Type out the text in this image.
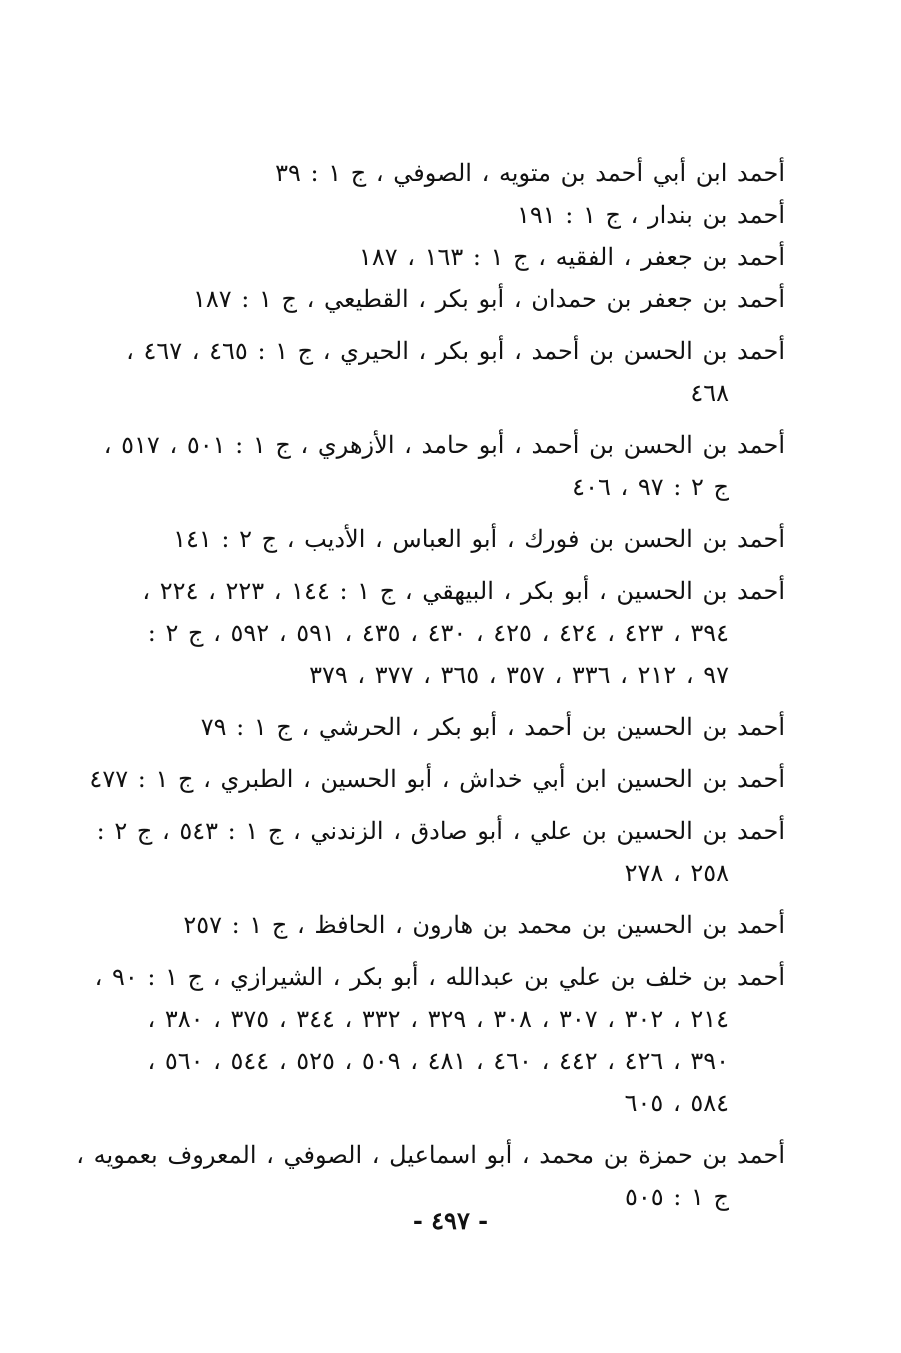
أحمد ابن أبي أحمد بن متويه ، الصوفي ، ج ١ : ٣٩
أحمد بن بندار ، ج ١ : ١٩١
أحمد بن جعفر ، الفقيه ، ج ١ : ١٦٣ ، ١٨٧
أحمد بن جعفر بن حمدان ، أبو بكر ، القطيعي ، ج ١ : ١٨٧
أحمد بن الحسن بن أحمد ، أبو بكر ، الحيري ، ج ١ : ٤٦٥ ، ٤٦٧ ،
٤٦٨
أحمد بن الحسن بن أحمد ، أبو حامد ، الأزهري ، ج ١ : ٥٠١ ، ٥١٧ ،
ج ٢ : ٩٧ ، ٤٠٦
أحمد بن الحسن بن فورك ، أبو العباس ، الأديب ، ج ٢ : ١٤١
أحمد بن الحسين ، أبو بكر ، البيهقي ، ج ١ : ١٤٤ ، ٢٢٣ ، ٢٢٤ ،
٣٩٤ ، ٤٢٣ ، ٤٢٤ ، ٤٢٥ ، ٤٣٠ ، ٤٣٥ ، ٥٩١ ، ٥٩٢ ، ج ٢ :
٩٧ ، ٢١٢ ، ٣٣٦ ، ٣٥٧ ، ٣٦٥ ، ٣٧٧ ، ٣٧٩
أحمد بن الحسين بن أحمد ، أبو بكر ، الحرشي ، ج ١ : ٧٩
أحمد بن الحسين ابن أبي خداش ، أبو الحسين ، الطبري ، ج ١ : ٤٧٧
أحمد بن الحسين بن علي ، أبو صادق ، الزندني ، ج ١ : ٥٤٣ ، ج ٢ :
٢٥٨ ، ٢٧٨
أحمد بن الحسين بن محمد بن هارون ، الحافظ ، ج ١ : ٢٥٧
أحمد بن خلف بن علي بن عبدالله ، أبو بكر ، الشيرازي ، ج ١ : ٩٠ ،
٢١٤ ، ٣٠٢ ، ٣٠٧ ، ٣٠٨ ، ٣٢٩ ، ٣٣٢ ، ٣٤٤ ، ٣٧٥ ، ٣٨٠ ،
٣٩٠ ، ٤٢٦ ، ٤٤٢ ، ٤٦٠ ، ٤٨١ ، ٥٠٩ ، ٥٢٥ ، ٥٤٤ ، ٥٦٠ ،
٥٨٤ ، ٦٠٥
أحمد بن حمزة بن محمد ، أبو اسماعيل ، الصوفي ، المعروف بعمويه ،
ج ١ : ٥٠٥
- ٤٩٧ -
